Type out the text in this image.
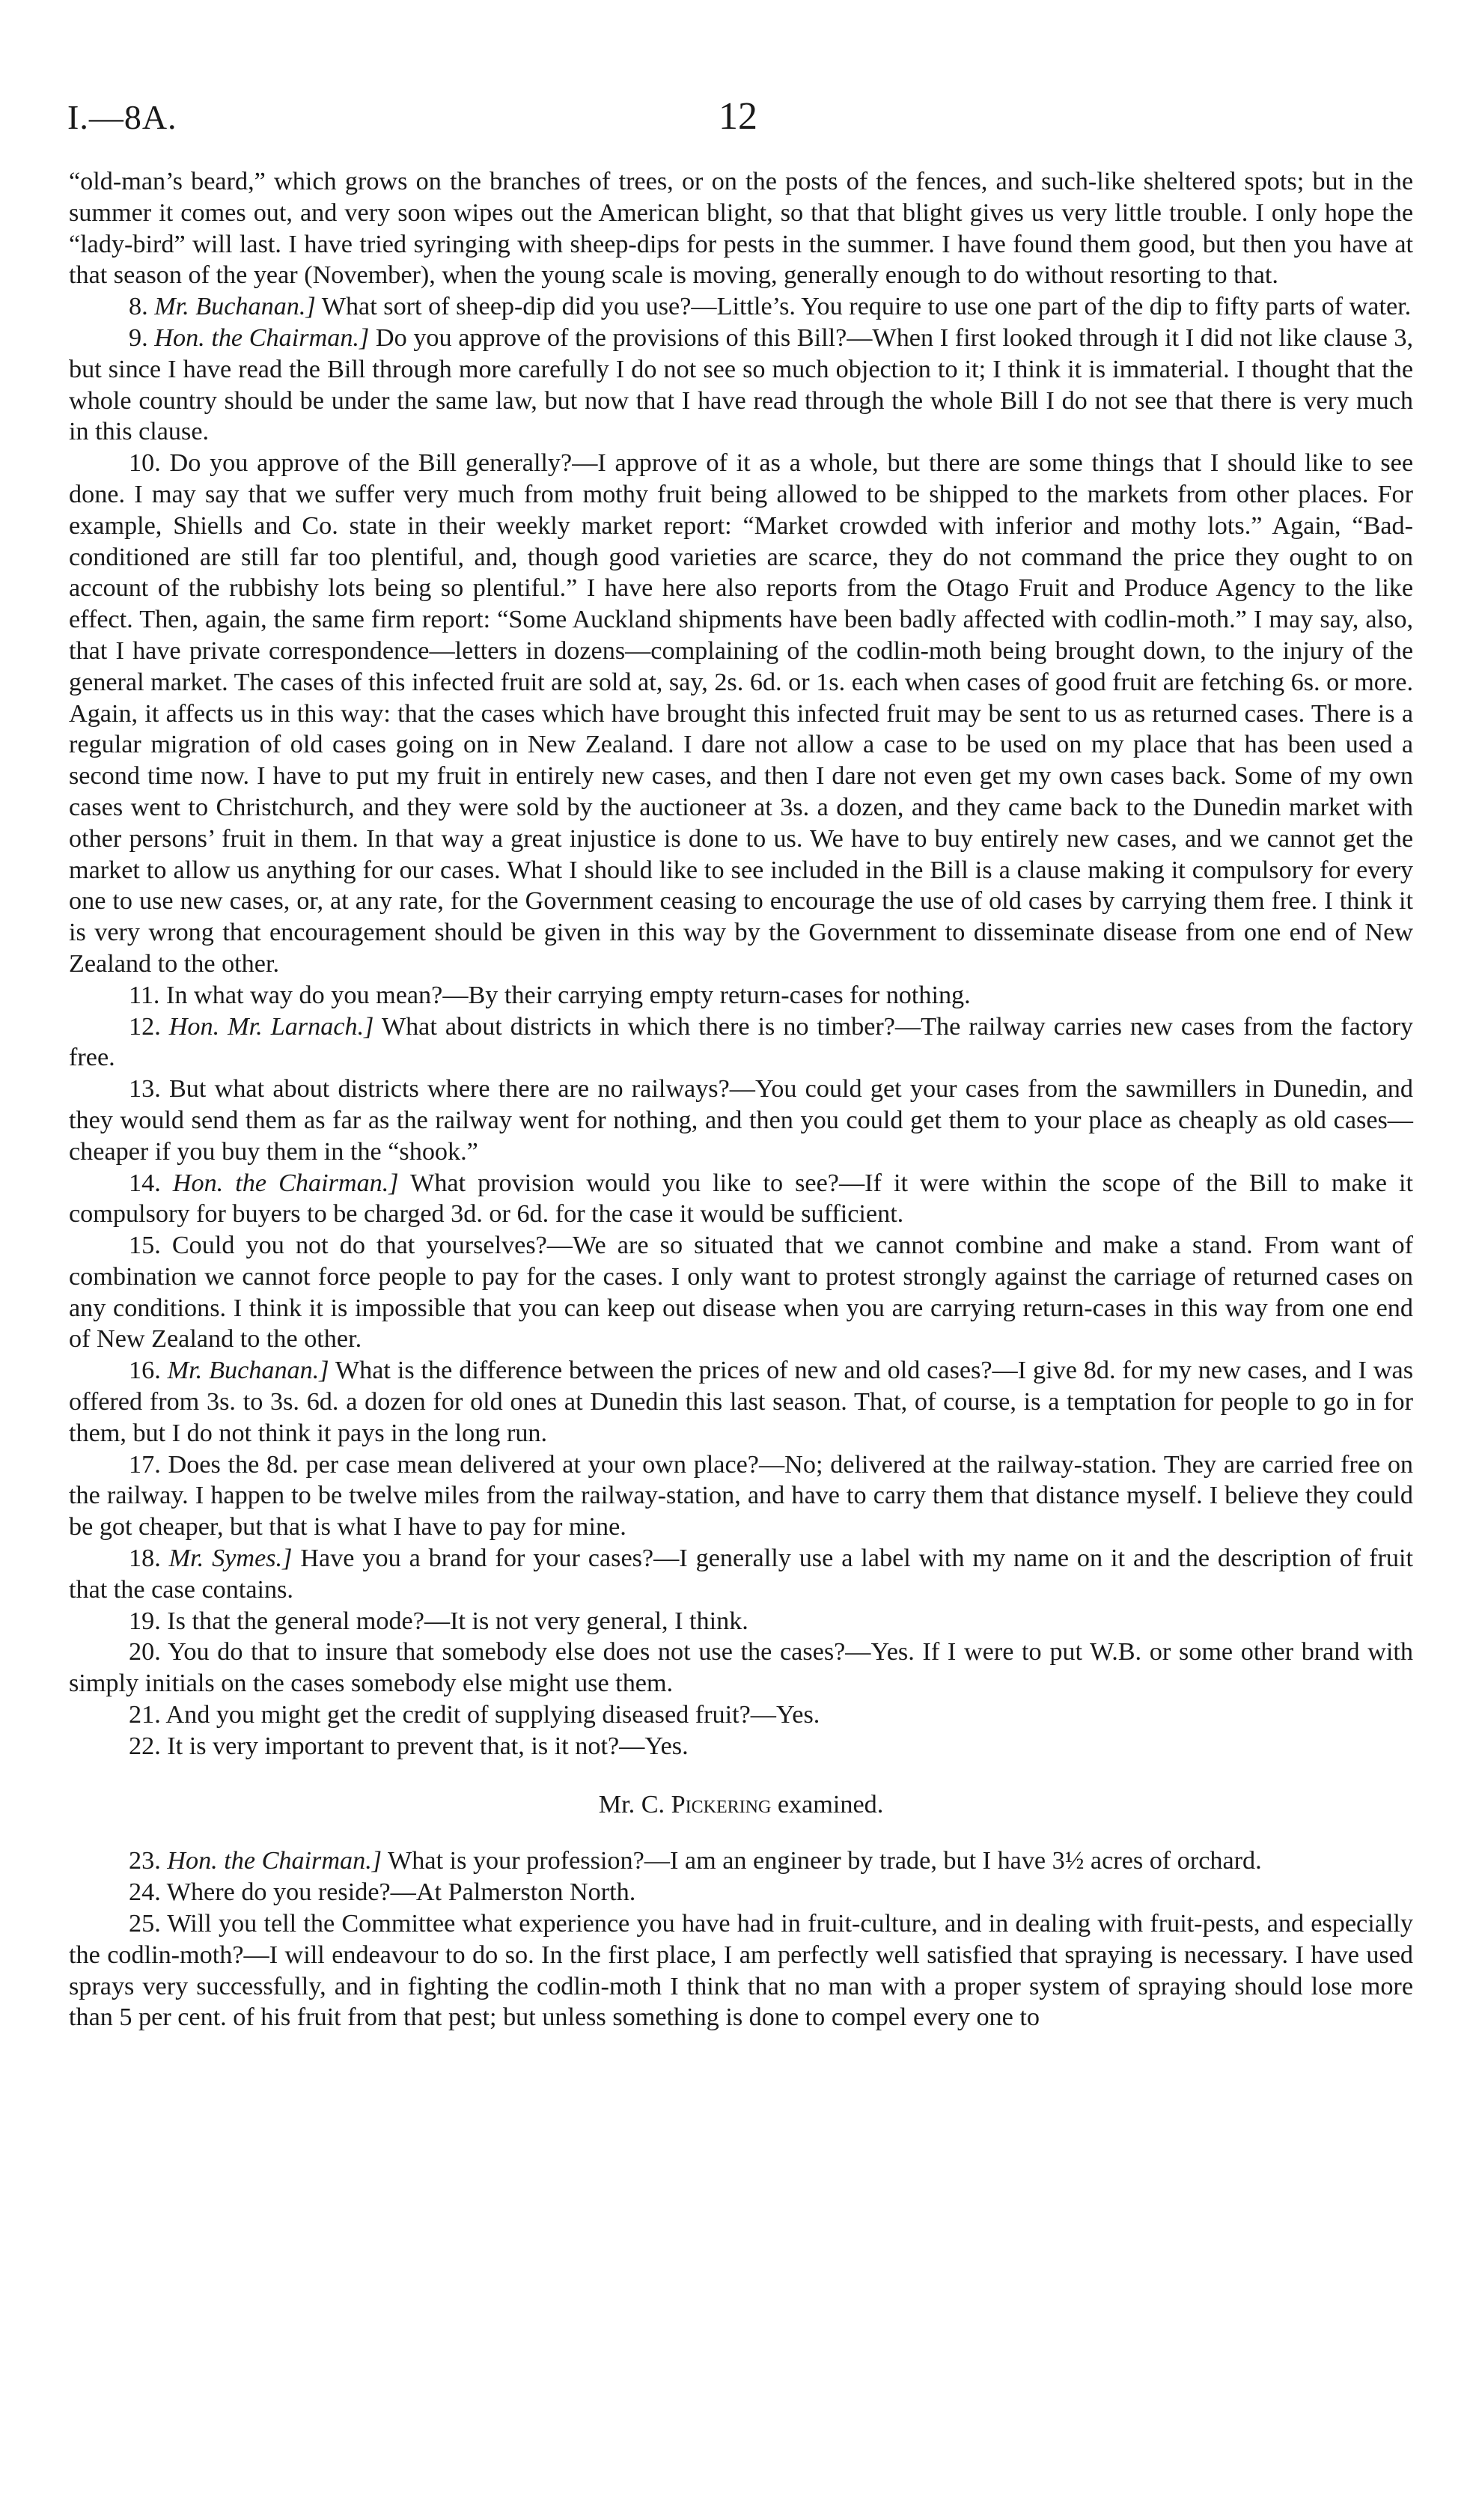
I.—8A.	12

“old-man’s beard,” which grows on the branches of trees, or on the posts of the fences, and such-like sheltered spots; but in the summer it comes out, and very soon wipes out the American blight, so that that blight gives us very little trouble. I only hope the “lady-bird” will last. I have tried syringing with sheep-dips for pests in the summer. I have found them good, but then you have at that season of the year (November), when the young scale is moving, generally enough to do without resorting to that.

8. Mr. Buchanan.] What sort of sheep-dip did you use?—Little’s. You require to use one part of the dip to fifty parts of water.

9. Hon. the Chairman.] Do you approve of the provisions of this Bill?—When I first looked through it I did not like clause 3, but since I have read the Bill through more carefully I do not see so much objection to it; I think it is immaterial. I thought that the whole country should be under the same law, but now that I have read through the whole Bill I do not see that there is very much in this clause.

10. Do you approve of the Bill generally?—I approve of it as a whole, but there are some things that I should like to see done. I may say that we suffer very much from mothy fruit being allowed to be shipped to the markets from other places. For example, Shiells and Co. state in their weekly market report: “Market crowded with inferior and mothy lots.” Again, “Bad-conditioned are still far too plentiful, and, though good varieties are scarce, they do not command the price they ought to on account of the rubbishy lots being so plentiful.” I have here also reports from the Otago Fruit and Produce Agency to the like effect. Then, again, the same firm report: “Some Auckland shipments have been badly affected with codlin-moth.” I may say, also, that I have private correspondence—letters in dozens—complaining of the codlin-moth being brought down, to the injury of the general market. The cases of this infected fruit are sold at, say, 2s. 6d. or 1s. each when cases of good fruit are fetching 6s. or more. Again, it affects us in this way: that the cases which have brought this infected fruit may be sent to us as returned cases. There is a regular migration of old cases going on in New Zealand. I dare not allow a case to be used on my place that has been used a second time now. I have to put my fruit in entirely new cases, and then I dare not even get my own cases back. Some of my own cases went to Christchurch, and they were sold by the auctioneer at 3s. a dozen, and they came back to the Dunedin market with other persons’ fruit in them. In that way a great injustice is done to us. We have to buy entirely new cases, and we cannot get the market to allow us anything for our cases. What I should like to see included in the Bill is a clause making it compulsory for every one to use new cases, or, at any rate, for the Government ceasing to encourage the use of old cases by carrying them free. I think it is very wrong that encouragement should be given in this way by the Government to disseminate disease from one end of New Zealand to the other.

11. In what way do you mean?—By their carrying empty return-cases for nothing.

12. Hon. Mr. Larnach.] What about districts in which there is no timber?—The railway carries new cases from the factory free.

13. But what about districts where there are no railways?—You could get your cases from the sawmillers in Dunedin, and they would send them as far as the railway went for nothing, and then you could get them to your place as cheaply as old cases—cheaper if you buy them in the “shook.”

14. Hon. the Chairman.] What provision would you like to see?—If it were within the scope of the Bill to make it compulsory for buyers to be charged 3d. or 6d. for the case it would be sufficient.

15. Could you not do that yourselves?—We are so situated that we cannot combine and make a stand. From want of combination we cannot force people to pay for the cases. I only want to protest strongly against the carriage of returned cases on any conditions. I think it is impossible that you can keep out disease when you are carrying return-cases in this way from one end of New Zealand to the other.

16. Mr. Buchanan.] What is the difference between the prices of new and old cases?—I give 8d. for my new cases, and I was offered from 3s. to 3s. 6d. a dozen for old ones at Dunedin this last season. That, of course, is a temptation for people to go in for them, but I do not think it pays in the long run.

17. Does the 8d. per case mean delivered at your own place?—No; delivered at the railway-station. They are carried free on the railway. I happen to be twelve miles from the railway-station, and have to carry them that distance myself. I believe they could be got cheaper, but that is what I have to pay for mine.

18. Mr. Symes.] Have you a brand for your cases?—I generally use a label with my name on it and the description of fruit that the case contains.

19. Is that the general mode?—It is not very general, I think.

20. You do that to insure that somebody else does not use the cases?—Yes. If I were to put W.B. or some other brand with simply initials on the cases somebody else might use them.

21. And you might get the credit of supplying diseased fruit?—Yes.

22. It is very important to prevent that, is it not?—Yes.

Mr. C. Pickering examined.

23. Hon. the Chairman.] What is your profession?—I am an engineer by trade, but I have 3½ acres of orchard.

24. Where do you reside?—At Palmerston North.

25. Will you tell the Committee what experience you have had in fruit-culture, and in dealing with fruit-pests, and especially the codlin-moth?—I will endeavour to do so. In the first place, I am perfectly well satisfied that spraying is necessary. I have used sprays very successfully, and in fighting the codlin-moth I think that no man with a proper system of spraying should lose more than 5 per cent. of his fruit from that pest; but unless something is done to compel every one to
